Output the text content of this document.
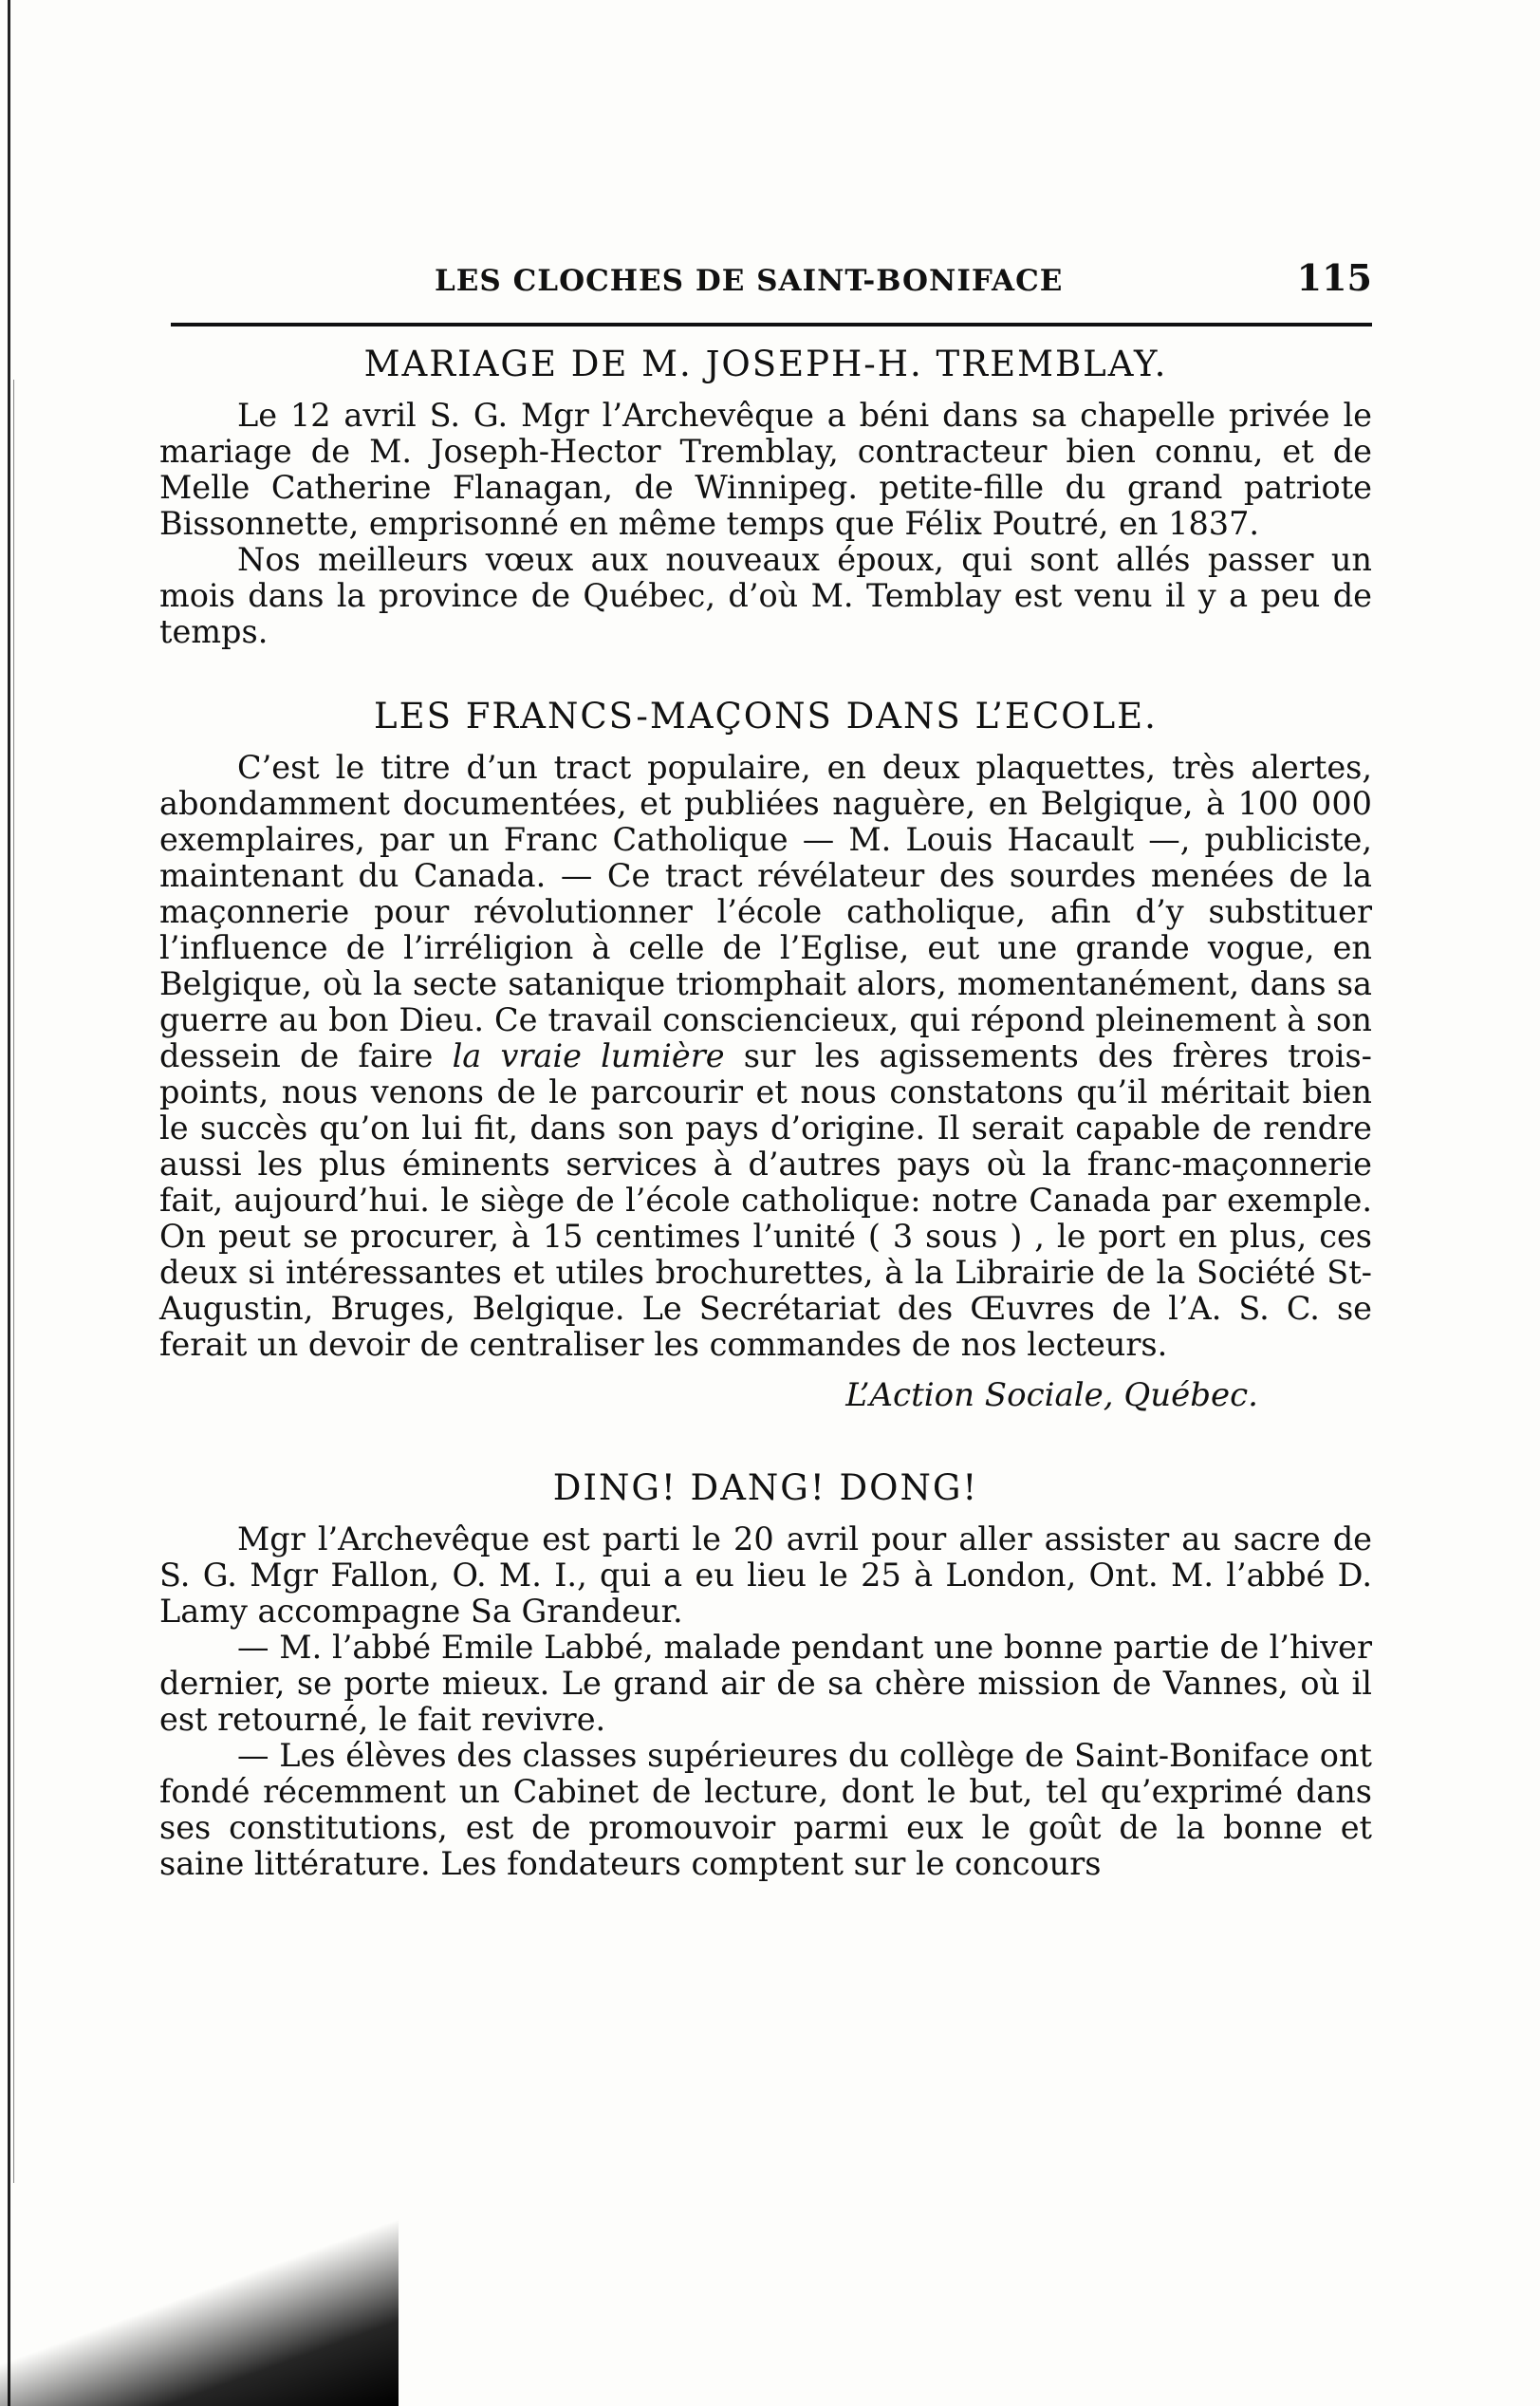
LES CLOCHES DE SAINT-BONIFACE	115
MARIAGE DE M. JOSEPH-H. TREMBLAY.

Le 12 avril S. G. Mgr l’Archevêque a béni dans sa chapelle privée le mariage de M. Joseph-Hector Tremblay, contracteur bien connu, et de Melle Catherine Flanagan, de Winnipeg. petite-fille du grand patriote Bissonnette, emprisonné en même temps que Félix Poutré, en 1837.

Nos meilleurs vœux aux nouveaux époux, qui sont allés passer un mois dans la province de Québec, d’où M. Temblay est venu il y a peu de temps.

LES FRANCS-MAÇONS DANS L’ECOLE.

C’est le titre d’un tract populaire, en deux plaquettes, très alertes, abondamment documentées, et publiées naguère, en Belgique, à 100 000 exemplaires, par un Franc Catholique — M. Louis Hacault —, publiciste, maintenant du Canada. — Ce tract révélateur des sourdes menées de la maçonnerie pour révolutionner l’école catholique, afin d’y substituer l’influence de l’irréligion à celle de l’Eglise, eut une grande vogue, en Belgique, où la secte satanique triomphait alors, momentanément, dans sa guerre au bon Dieu. Ce travail consciencieux, qui répond pleinement à son dessein de faire la vraie lumière sur les agissements des frères trois-points, nous venons de le parcourir et nous constatons qu’il méritait bien le succès qu’on lui fit, dans son pays d’origine. Il serait capable de rendre aussi les plus éminents services à d’autres pays où la franc-maçonnerie fait, aujourd’hui. le siège de l’école catholique: notre Canada par exemple. On peut se procurer, à 15 centimes l’unité ( 3 sous ) , le port en plus, ces deux si intéressantes et utiles brochurettes, à la Librairie de la Société St-Augustin, Bruges, Belgique. Le Secrétariat des Œuvres de l’A. S. C. se ferait un devoir de centraliser les commandes de nos lecteurs.

L’Action Sociale, Québec.
DING! DANG! DONG!

Mgr l’Archevêque est parti le 20 avril pour aller assister au sacre de S. G. Mgr Fallon, O. M. I., qui a eu lieu le 25 à London, Ont. M. l’abbé D. Lamy accompagne Sa Grandeur.

— M. l’abbé Emile Labbé, malade pendant une bonne partie de l’hiver dernier, se porte mieux. Le grand air de sa chère mission de Vannes, où il est retourné, le fait revivre.

— Les élèves des classes supérieures du collège de Saint-Boniface ont fondé récemment un Cabinet de lecture, dont le but, tel qu’exprimé dans ses constitutions, est de promouvoir parmi eux le goût de la bonne et saine littérature. Les fondateurs comptent sur le concours
